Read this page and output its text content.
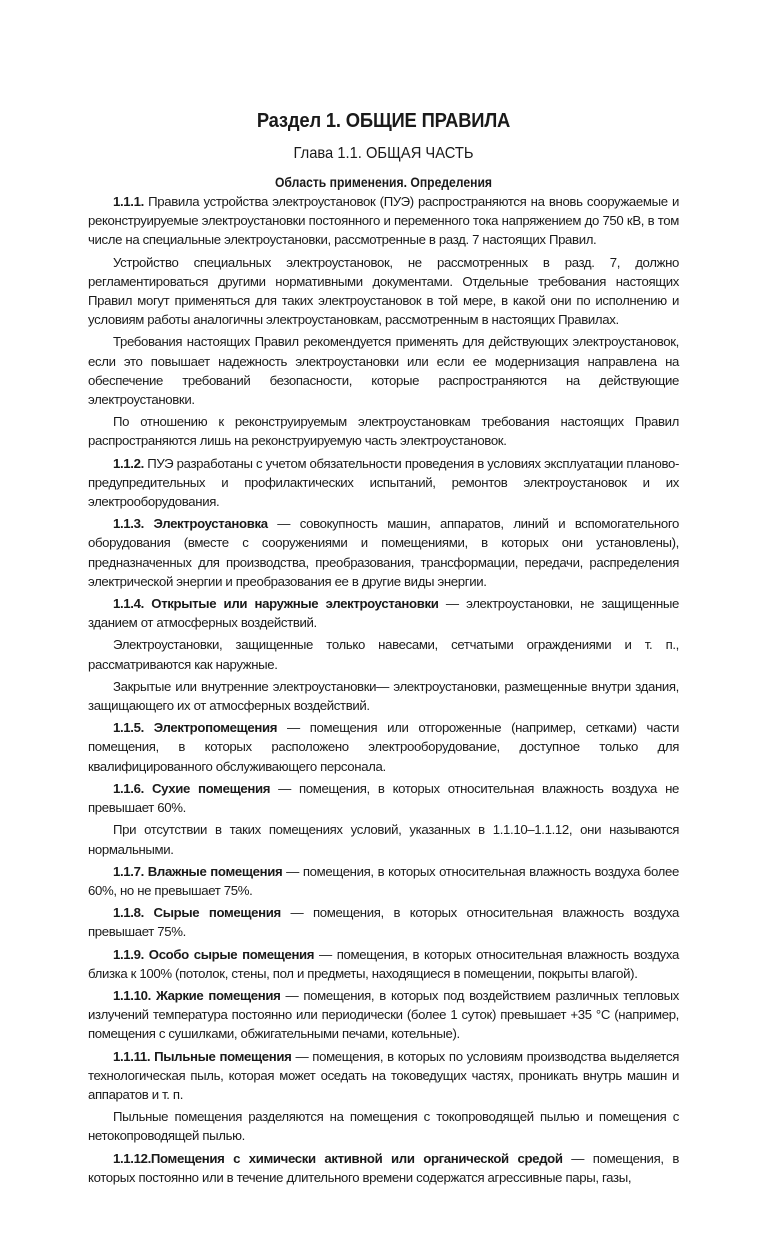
Раздел 1. ОБЩИЕ ПРАВИЛА
Глава 1.1. ОБЩАЯ ЧАСТЬ
Область применения. Определения

1.1.1. Правила устройства электроустановок (ПУЭ) распространяются на вновь сооружаемые и реконструируемые электроустановки постоянного и переменного тока напряжением до 750 кВ, в том числе на специальные электроустановки, рассмотренные в разд. 7 настоящих Правил.

Устройство специальных электроустановок, не рассмотренных в разд. 7, должно регламентироваться другими нормативными документами. Отдельные требования настоящих Правил могут применяться для таких электроустановок в той мере, в какой они по исполнению и условиям работы аналогичны электроустановкам, рассмотренным в настоящих Правилах.

Требования настоящих Правил рекомендуется применять для действующих электроустановок, если это повышает надежность электроустановки или если ее модернизация направлена на обеспечение требований безопасности, которые распространяются на действующие электроустановки.

По отношению к реконструируемым электроустановкам требования настоящих Правил распространяются лишь на реконструируемую часть электроустановок.

1.1.2. ПУЭ разработаны с учетом обязательности проведения в условиях эксплуатации планово-предупредительных и профилактических испытаний, ремонтов электроустановок и их электрооборудования.

1.1.3. Электроустановка — совокупность машин, аппаратов, линий и вспомогательного оборудования (вместе с сооружениями и помещениями, в которых они установлены), предназначенных для производства, преобразования, трансформации, передачи, распределения электрической энергии и преобразования ее в другие виды энергии.

1.1.4. Открытые или наружные электроустановки — электроустановки, не защищенные зданием от атмосферных воздействий.

Электроустановки, защищенные только навесами, сетчатыми ограждениями и т. п., рассматриваются как наружные.

Закрытые или внутренние электроустановки— электроустановки, размещенные внутри здания, защищающего их от атмосферных воздействий.

1.1.5. Электропомещения — помещения или отгороженные (например, сетками) части помещения, в которых расположено электрооборудование, доступное только для квалифицированного обслуживающего персонала.

1.1.6. Сухие помещения — помещения, в которых относительная влажность воздуха не превышает 60%.

При отсутствии в таких помещениях условий, указанных в 1.1.10–1.1.12, они называются нормальными.

1.1.7. Влажные помещения — помещения, в которых относительная влажность воздуха более 60%, но не превышает 75%.

1.1.8. Сырые помещения — помещения, в которых относительная влажность воздуха превышает 75%.

1.1.9. Особо сырые помещения — помещения, в которых относительная влажность воздуха близка к 100% (потолок, стены, пол и предметы, находящиеся в помещении, покрыты влагой).

1.1.10. Жаркие помещения — помещения, в которых под воздействием различных тепловых излучений температура постоянно или периодически (более 1 суток) превышает +35 °С (например, помещения с сушилками, обжигательными печами, котельные).

1.1.11. Пыльные помещения — помещения, в которых по условиям производства выделяется технологическая пыль, которая может оседать на токоведущих частях, проникать внутрь машин и аппаратов и т. п.

Пыльные помещения разделяются на помещения с токопроводящей пылью и помещения с нетокопроводящей пылью.

1.1.12.Помещения с химически активной или органической средой — помещения, в которых постоянно или в течение длительного времени содержатся агрессивные пары, газы,
